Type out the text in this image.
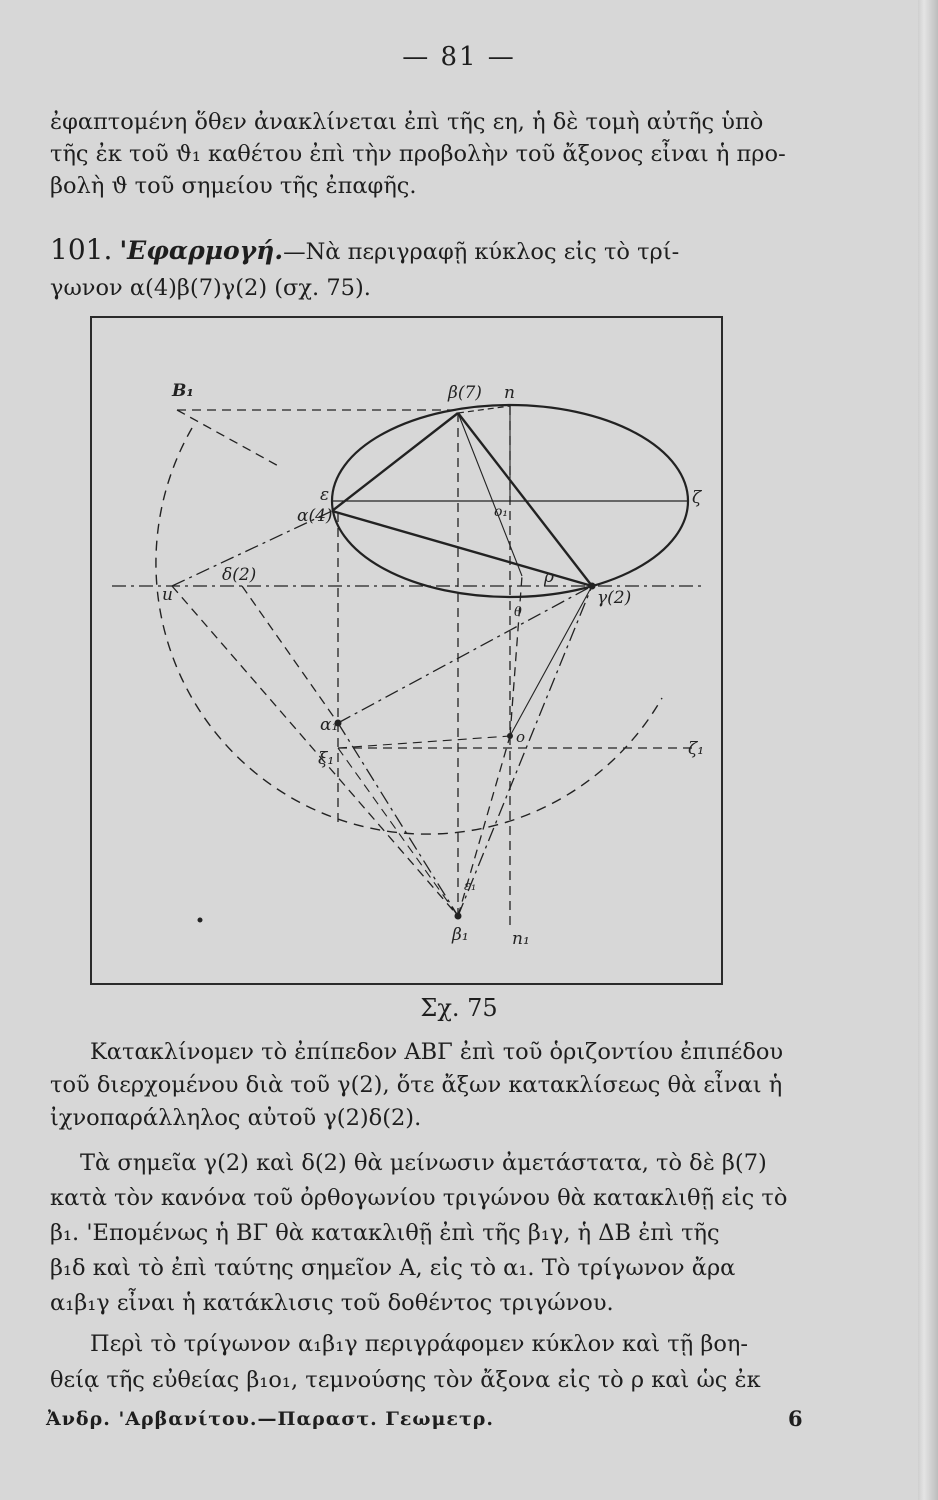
— 81 —
ἐφαπτομένη ὅθεν ἀνακλίνεται ἐπὶ τῆς εη, ἡ δὲ τομὴ αὐτῆς ὑπὸ
τῆς ἐκ τοῦ ϑ₁ καθέτου ἐπὶ τὴν προβολὴν τοῦ ἄξονος εἶναι ἡ προ-
βολὴ ϑ τοῦ σημείου τῆς ἐπαφῆς.
101. 'Εφαρμογή.—Νὰ περιγραφῇ κύκλος εἰς τὸ τρί-
γωνον α(4)β(7)γ(2) (σχ. 75).
B₁	β(7) n
ε	ζ
α(4)	o₁
δ(2)
u
ρ
θ
γ(2)
α₁
o
ζ₁
ξ₁
ε₁
β₁	n₁
Σχ. 75
Κατακλίνομεν τὸ ἐπίπεδον ΑΒΓ ἐπὶ τοῦ ὁριζοντίου ἐπιπέδου
τοῦ διερχομένου διὰ τοῦ γ(2), ὅτε ἄξων κατακλίσεως θὰ εἶναι ἡ
ἰχνοπαράλληλος αὐτοῦ γ(2)δ(2).
Τὰ σημεῖα γ(2) καὶ δ(2) θὰ μείνωσιν ἀμετάστατα, τὸ δὲ β(7)
κατὰ τὸν κανόνα τοῦ ὀρθογωνίου τριγώνου θὰ κατακλιθῇ εἰς τὸ
β₁. 'Επομένως ἡ ΒΓ θὰ κατακλιθῇ ἐπὶ τῆς β₁γ, ἡ ΔΒ ἐπὶ τῆς
β₁δ καὶ τὸ ἐπὶ ταύτης σημεῖον Α, εἰς τὸ α₁. Τὸ τρίγωνον ἄρα
α₁β₁γ εἶναι ἡ κατάκλισις τοῦ δοθέντος τριγώνου.
Περὶ τὸ τρίγωνον α₁β₁γ περιγράφομεν κύκλον καὶ τῇ βοη-
θείᾳ τῆς εὐθείας β₁ο₁, τεμνούσης τὸν ἄξονα εἰς τὸ ρ καὶ ὡς ἐκ
Ἀνδρ. 'Αρβανίτου.—Παραστ. Γεωμετρ.	6
